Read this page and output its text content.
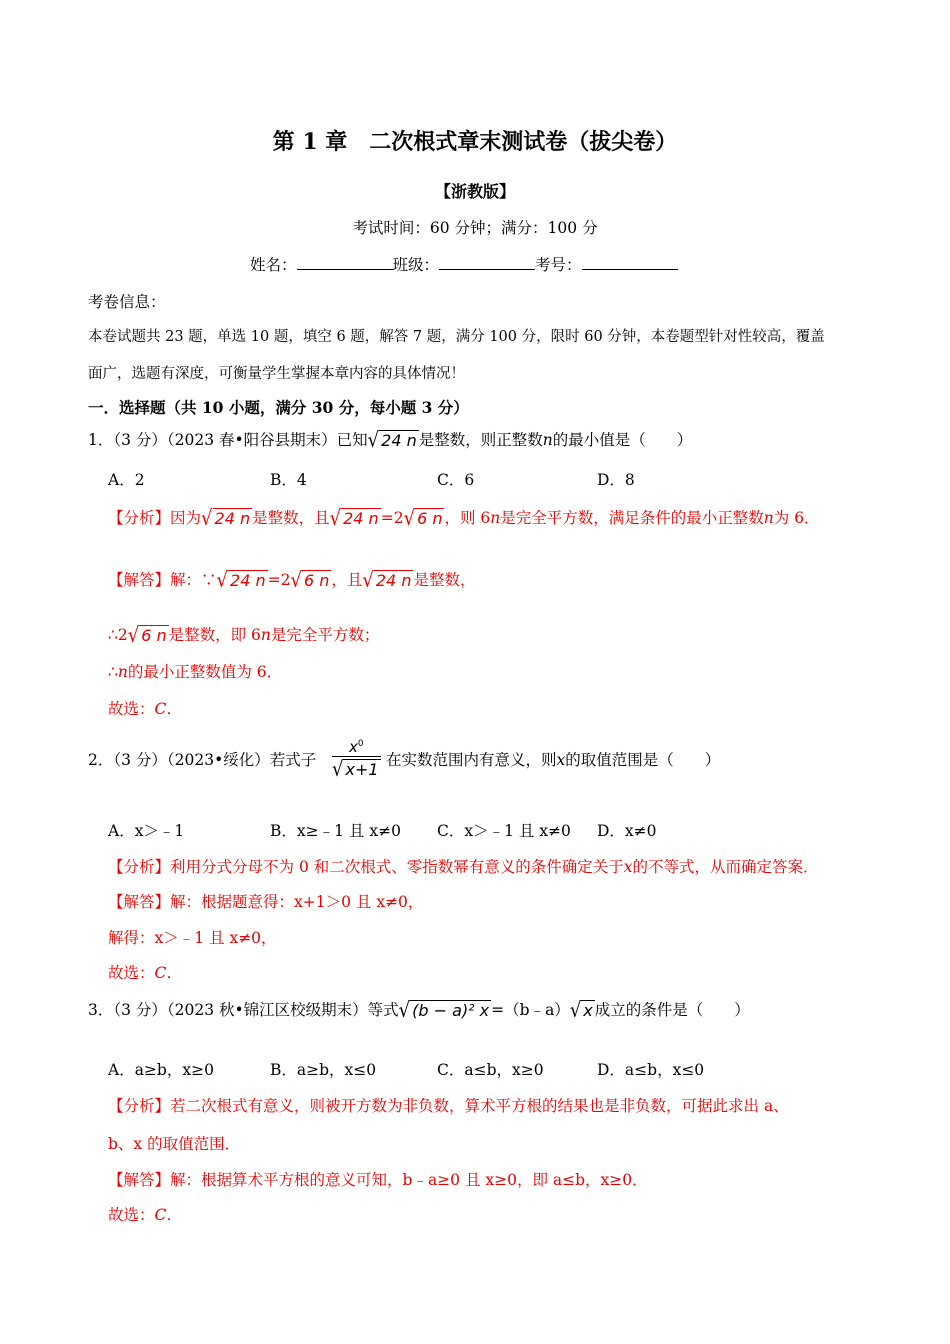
第 1 章　二次根式章末测试卷（拔尖卷）
【浙教版】
考试时间：60 分钟；满分：100 分
姓名：	班级：	考号：
考卷信息：
本卷试题共 23 题，单选 10 题，填空 6 题，解答 7 题，满分 100 分，限时 60 分钟，本卷题型针对性较高，覆盖
面广，选题有深度，可衡量学生掌握本章内容的具体情况！
一．选择题（共 10 小题，满分 30 分，每小题 3 分）
1．（3 分）（2023 春•阳谷县期末）已知√ 24 n 是整数，则正整数n的最小值是（　　）
A．2	B．4	C．6	D．8
【分析】因为√ 24 n 是整数，且√ 24 n =2√ 6 n ，则 6n是完全平方数，满足条件的最小正整数n为 6．
【解答】解：∵√ 24 n =2√ 6 n ，且√ 24 n 是整数，
∴2√ 6 n 是整数，即 6n是完全平方数；
∴n的最小正整数值为 6．
故选：C．
2．（3 分）（2023•绥化）若式子 $\frac{x^0}{√ x+1}$ 在实数范围内有意义，则x的取值范围是（　　）
A．x＞﹣1	B．x≥﹣1 且 x≠0 C．x＞﹣1 且 x≠0 D．x≠0
【分析】利用分式分母不为 0 和二次根式、零指数幂有意义的条件确定关于x的不等式，从而确定答案．
【解答】解：根据题意得：x+1＞0 且 x≠0，
解得：x＞﹣1 且 x≠0，
故选：C．
3．（3 分）（2023 秋•锦江区校级期末）等式√ (b − a)² x =（b﹣a）√ x 成立的条件是（　　）
A．a≥b，x≥0	B．a≥b，x≤0	C．a≤b，x≥0	D．a≤b，x≤0
【分析】若二次根式有意义，则被开方数为非负数，算术平方根的结果也是非负数，可据此求出 a、
b、x 的取值范围．
【解答】解：根据算术平方根的意义可知，b﹣a≥0 且 x≥0，即 a≤b，x≥0．
故选：C．
